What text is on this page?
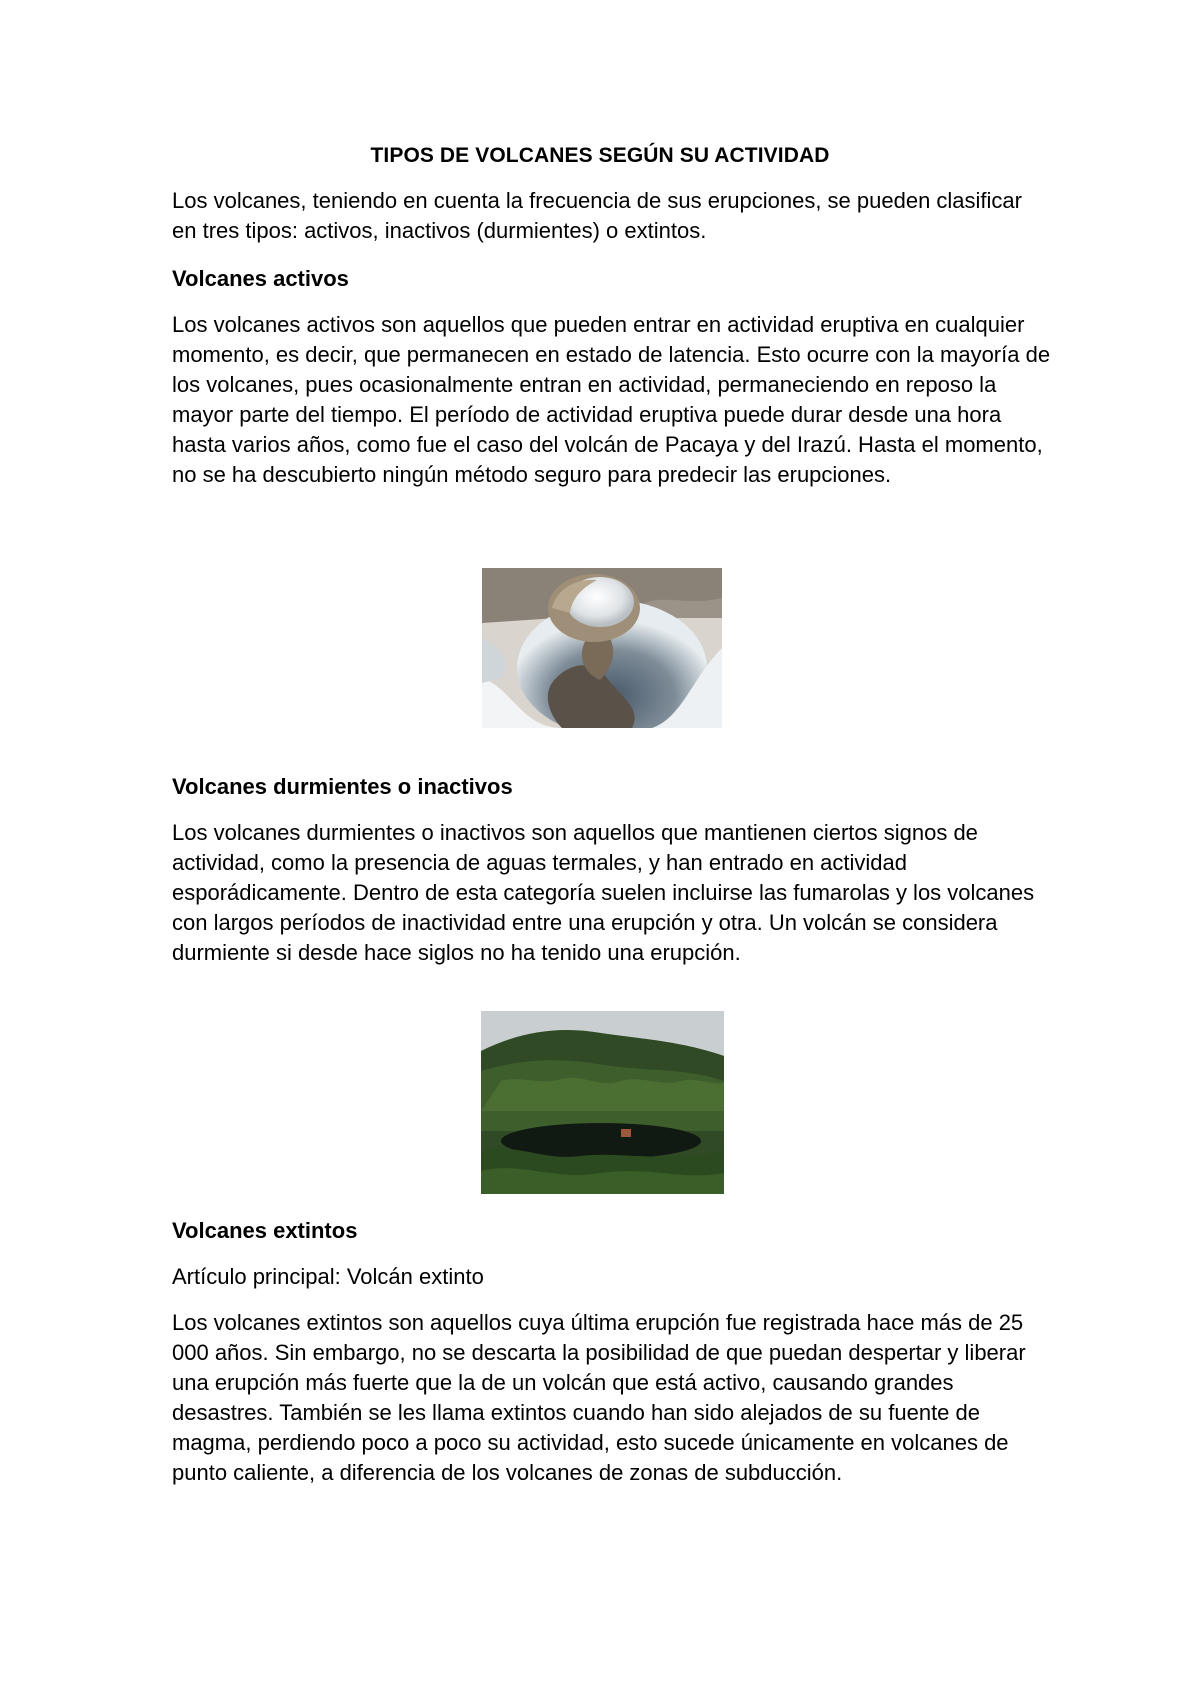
TIPOS DE VOLCANES SEGÚN SU ACTIVIDAD

Los volcanes, teniendo en cuenta la frecuencia de sus erupciones, se pueden clasificar en tres tipos: activos, inactivos (durmientes) o extintos.

Volcanes activos

Los volcanes activos son aquellos que pueden entrar en actividad eruptiva en cualquier momento, es decir, que permanecen en estado de latencia. Esto ocurre con la mayoría de los volcanes, pues ocasionalmente entran en actividad, permaneciendo en reposo la mayor parte del tiempo. El período de actividad eruptiva puede durar desde una hora hasta varios años, como fue el caso del volcán de Pacaya y del Irazú. Hasta el momento, no se ha descubierto ningún método seguro para predecir las erupciones.

Volcanes durmientes o inactivos

Los volcanes durmientes o inactivos son aquellos que mantienen ciertos signos de actividad, como la presencia de aguas termales, y han entrado en actividad esporádicamente. Dentro de esta categoría suelen incluirse las fumarolas y los volcanes con largos períodos de inactividad entre una erupción y otra. Un volcán se considera durmiente si desde hace siglos no ha tenido una erupción.

Volcanes extintos

Artículo principal: Volcán extinto

Los volcanes extintos son aquellos cuya última erupción fue registrada hace más de 25 000 años. Sin embargo, no se descarta la posibilidad de que puedan despertar y liberar una erupción más fuerte que la de un volcán que está activo, causando grandes desastres. También se les llama extintos cuando han sido alejados de su fuente de magma, perdiendo poco a poco su actividad, esto sucede únicamente en volcanes de punto caliente, a diferencia de los volcanes de zonas de subducción.
